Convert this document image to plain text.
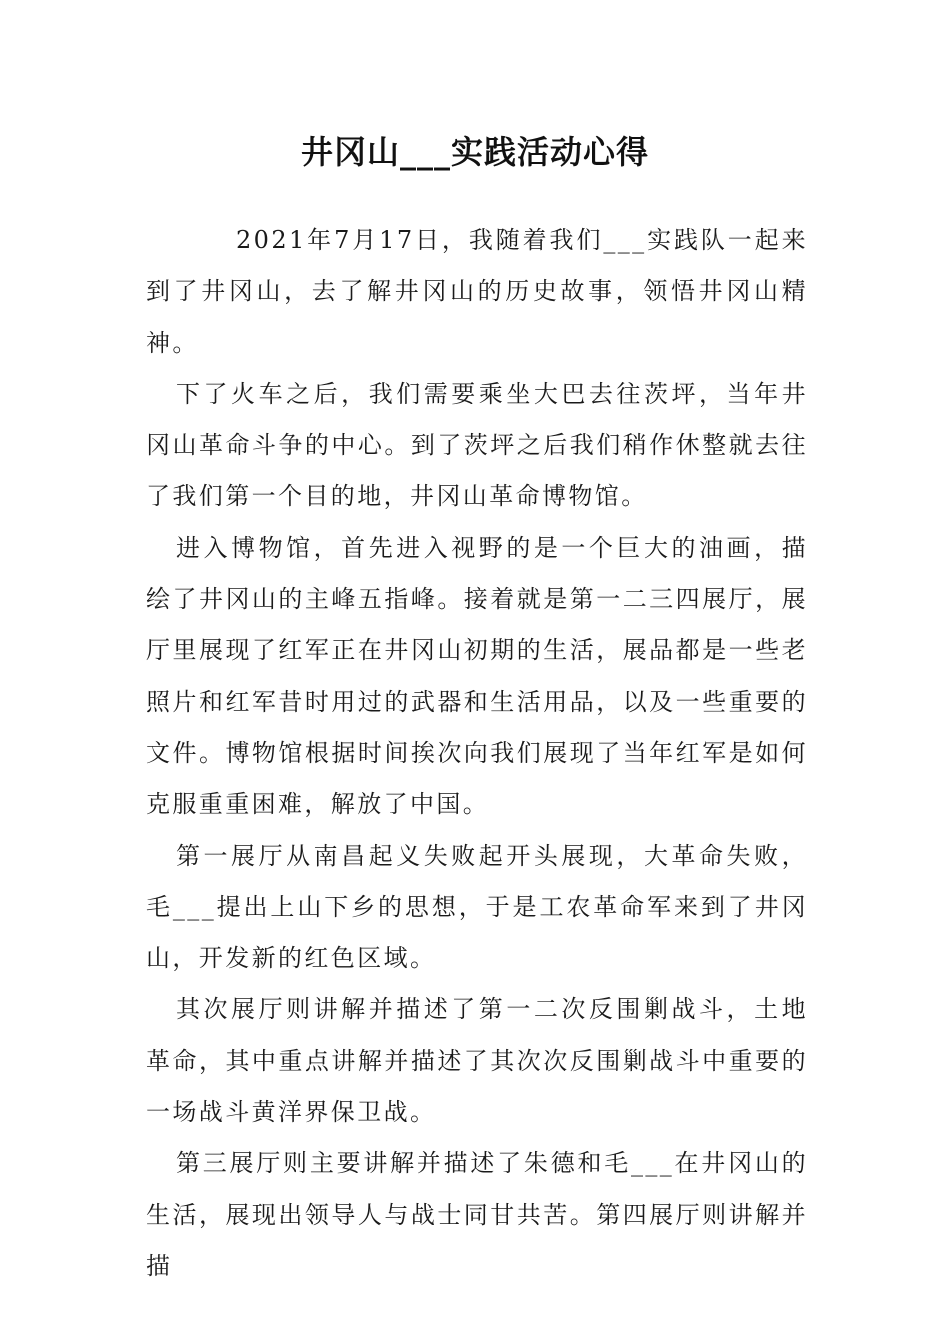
井冈山___实践活动心得

2021年7月17日，我随着我们___实践队一起来到了井冈山，去了解井冈山的历史故事，领悟井冈山精神。

下了火车之后，我们需要乘坐大巴去往茨坪，当年井冈山革命斗争的中心。到了茨坪之后我们稍作休整就去往了我们第一个目的地，井冈山革命博物馆。

进入博物馆，首先进入视野的是一个巨大的油画，描绘了井冈山的主峰五指峰。接着就是第一二三四展厅，展厅里展现了红军正在井冈山初期的生活，展品都是一些老照片和红军昔时用过的武器和生活用品，以及一些重要的文件。博物馆根据时间挨次向我们展现了当年红军是如何克服重重困难，解放了中国。

第一展厅从南昌起义失败起开头展现，大革命失败，毛___提出上山下乡的思想，于是工农革命军来到了井冈山，开发新的红色区域。

其次展厅则讲解并描述了第一二次反围剿战斗，土地革命，其中重点讲解并描述了其次次反围剿战斗中重要的一场战斗黄洋界保卫战。

第三展厅则主要讲解并描述了朱德和毛___在井冈山的生活，展现出领导人与战士同甘共苦。第四展厅则讲解并描
